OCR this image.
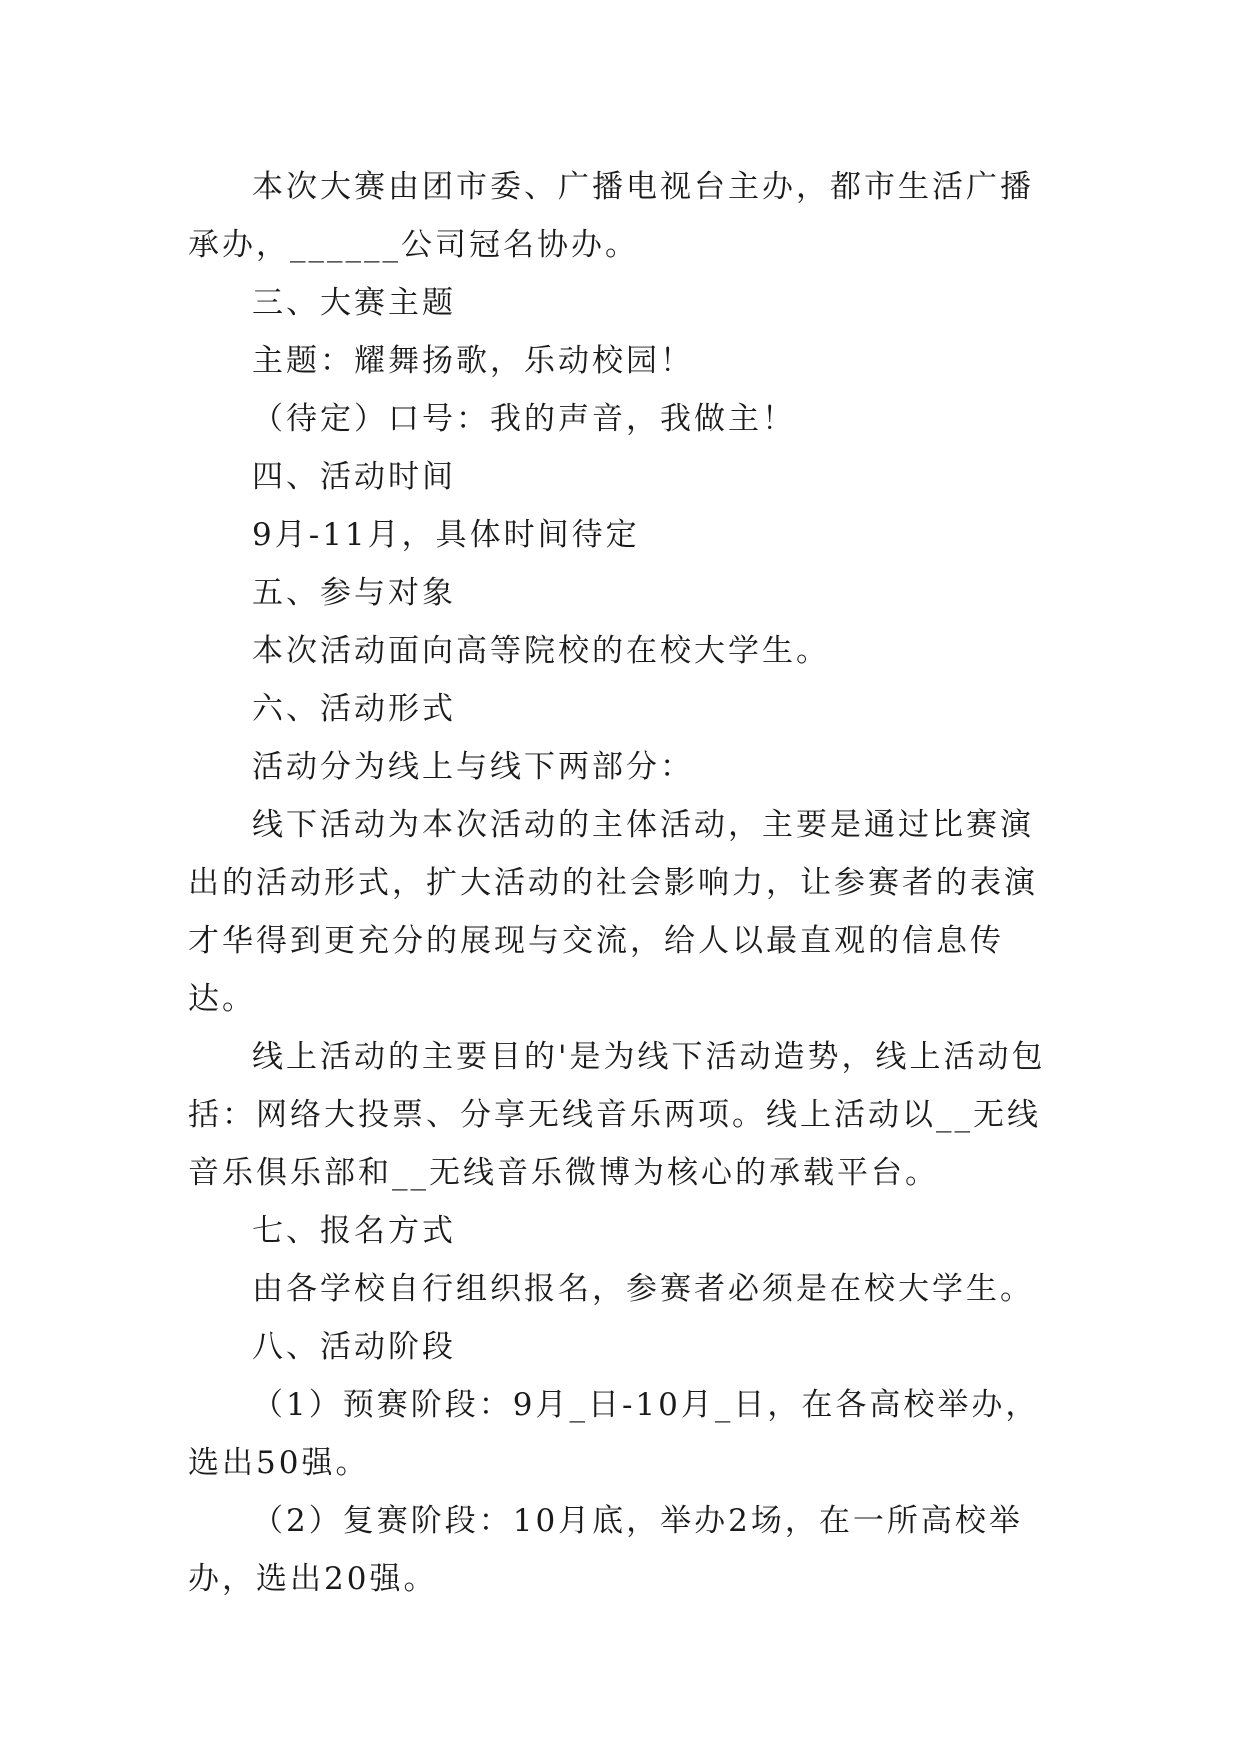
本次大赛由团市委、广播电视台主办，都市生活广播承办，______公司冠名协办。

三、大赛主题

主题：耀舞扬歌，乐动校园！

（待定）口号：我的声音，我做主！

四、活动时间

9月-11月，具体时间待定

五、参与对象

本次活动面向高等院校的在校大学生。

六、活动形式

活动分为线上与线下两部分：

线下活动为本次活动的主体活动，主要是通过比赛演出的活动形式，扩大活动的社会影响力，让参赛者的表演才华得到更充分的展现与交流，给人以最直观的信息传达。

线上活动的主要目的'是为线下活动造势，线上活动包括：网络大投票、分享无线音乐两项。线上活动以__无线音乐俱乐部和__无线音乐微博为核心的承载平台。

七、报名方式

由各学校自行组织报名，参赛者必须是在校大学生。

八、活动阶段

（1）预赛阶段：9月_日-10月_日，在各高校举办，选出50强。

（2）复赛阶段：10月底，举办2场，在一所高校举办，选出20强。
